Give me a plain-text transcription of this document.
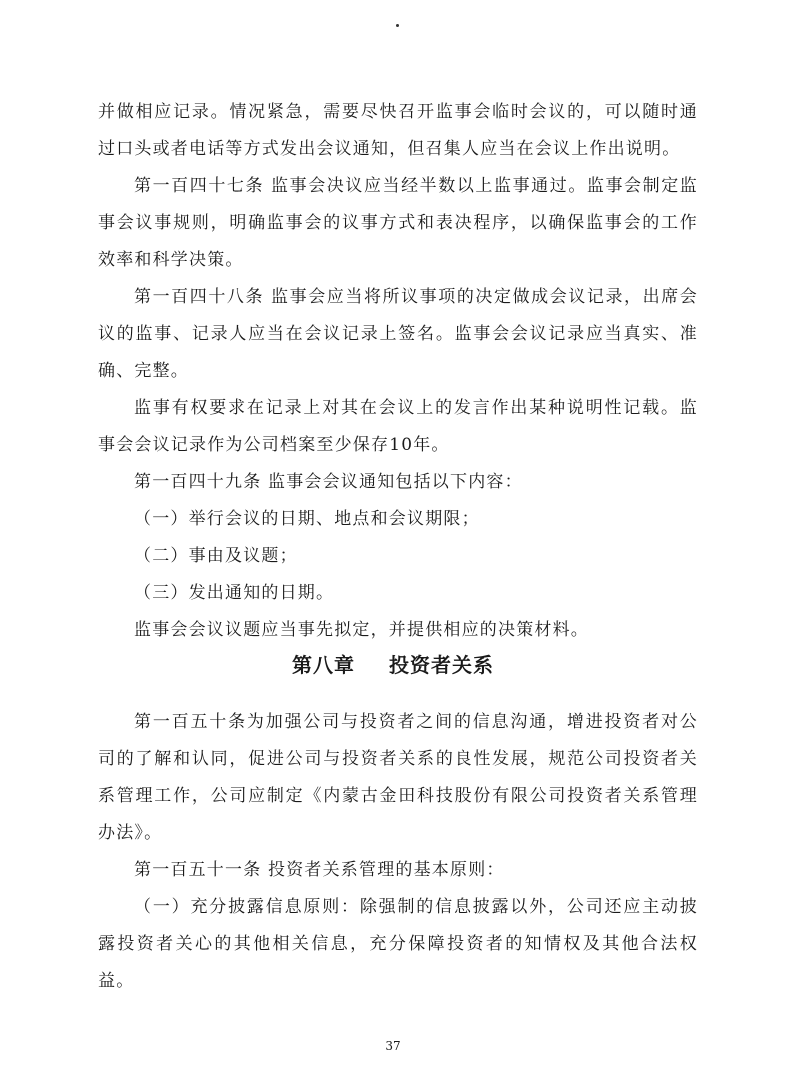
并做相应记录。情况紧急，需要尽快召开监事会临时会议的，可以随时通过口头或者电话等方式发出会议通知，但召集人应当在会议上作出说明。

第一百四十七条 监事会决议应当经半数以上监事通过。监事会制定监事会议事规则，明确监事会的议事方式和表决程序，以确保监事会的工作效率和科学决策。

第一百四十八条 监事会应当将所议事项的决定做成会议记录，出席会议的监事、记录人应当在会议记录上签名。监事会会议记录应当真实、准确、完整。

监事有权要求在记录上对其在会议上的发言作出某种说明性记载。监事会会议记录作为公司档案至少保存10年。

第一百四十九条 监事会会议通知包括以下内容：

（一）举行会议的日期、地点和会议期限；

（二）事由及议题；

（三）发出通知的日期。

监事会会议议题应当事先拟定，并提供相应的决策材料。

第八章 投资者关系

第一百五十条为加强公司与投资者之间的信息沟通，增进投资者对公司的了解和认同，促进公司与投资者关系的良性发展，规范公司投资者关系管理工作，公司应制定《内蒙古金田科技股份有限公司投资者关系管理办法》。

第一百五十一条 投资者关系管理的基本原则：

（一）充分披露信息原则：除强制的信息披露以外，公司还应主动披露投资者关心的其他相关信息，充分保障投资者的知情权及其他合法权益。

37
